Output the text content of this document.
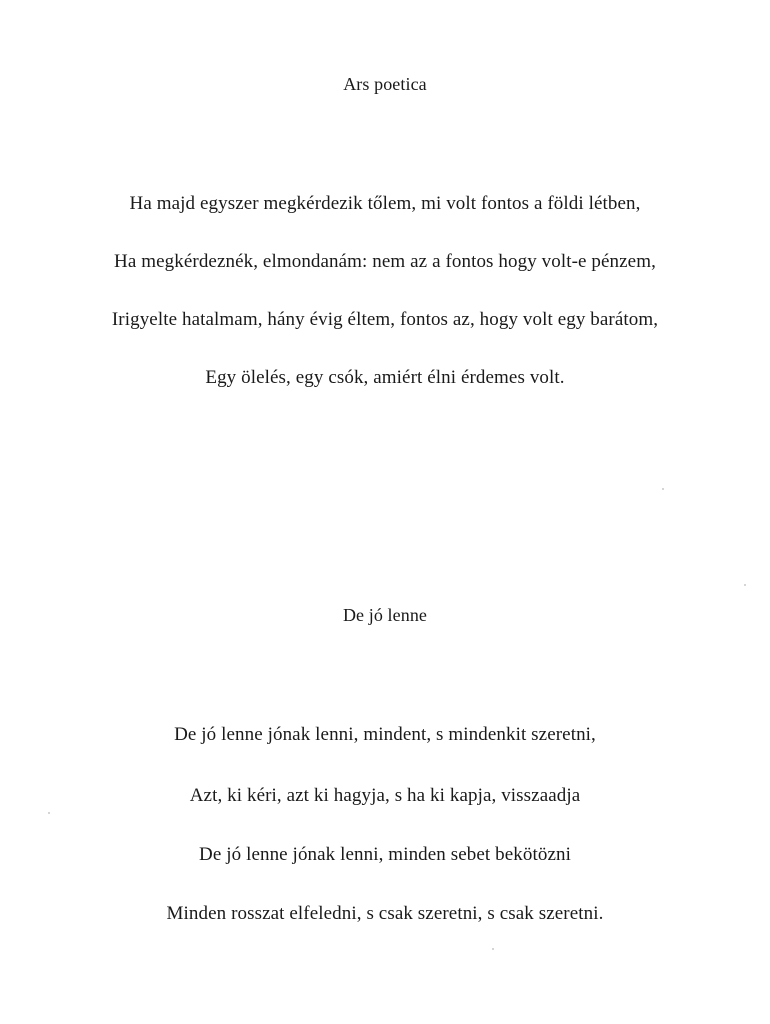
Ars poetica
Ha majd egyszer megkérdezik tőlem, mi volt fontos a földi létben,
Ha megkérdeznék, elmondanám: nem az a fontos hogy volt-e pénzem,
Irigyelte hatalmam, hány évig éltem, fontos az, hogy volt egy barátom,
Egy ölelés, egy csók, amiért élni érdemes volt.
De jó lenne
De jó lenne jónak lenni, mindent, s mindenkit szeretni,
Azt, ki kéri, azt ki hagyja, s ha ki kapja, visszaadja
De jó lenne jónak lenni, minden sebet bekötözni
Minden rosszat elfeledni, s csak szeretni, s csak szeretni.
